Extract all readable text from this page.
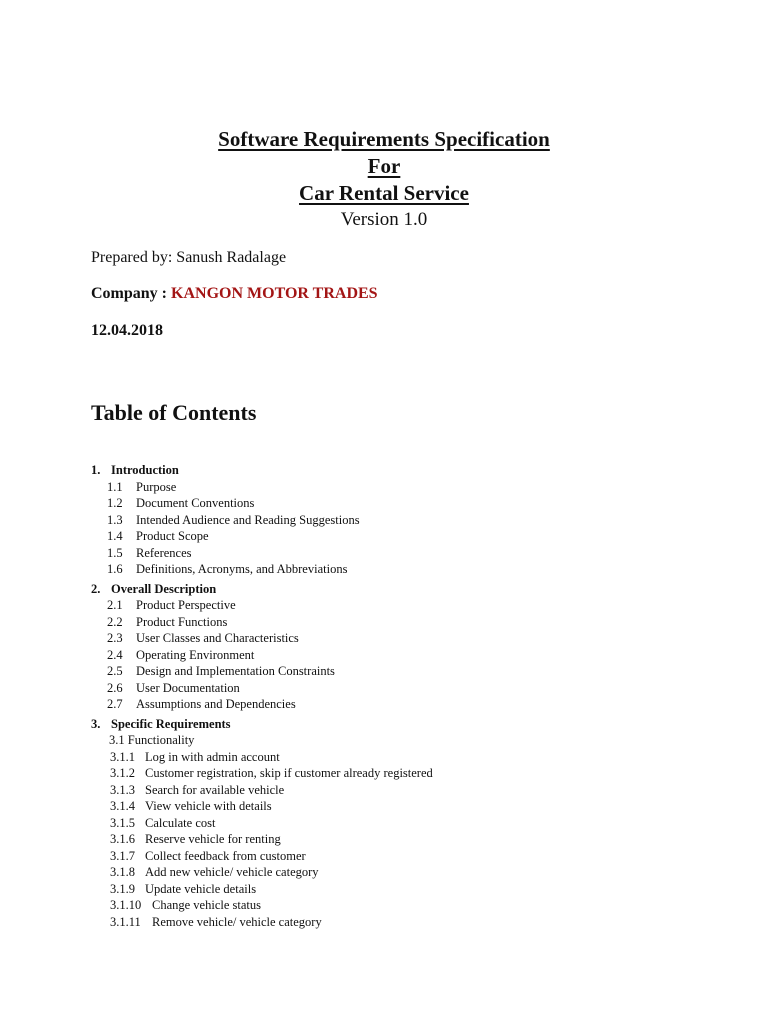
Software Requirements Specification

For

Car Rental Service

Version 1.0

Prepared by: Sanush Radalage
Company : KANGON MOTOR TRADES
12.04.2018
Table of Contents
1. Introduction
1.1 Purpose
1.2 Document Conventions
1.3 Intended Audience and Reading Suggestions
1.4 Product Scope
1.5 References
1.6 Definitions, Acronyms, and Abbreviations
2. Overall Description
2.1 Product Perspective
2.2 Product Functions
2.3 User Classes and Characteristics
2.4 Operating Environment
2.5 Design and Implementation Constraints
2.6 User Documentation
2.7 Assumptions and Dependencies
3. Specific Requirements
3.1 Functionality
3.1.1 Log in with admin account
3.1.2 Customer registration, skip if customer already registered
3.1.3 Search for available vehicle
3.1.4 View vehicle with details
3.1.5 Calculate cost
3.1.6 Reserve vehicle for renting
3.1.7 Collect feedback from customer
3.1.8 Add new vehicle/ vehicle category
3.1.9 Update vehicle details
3.1.10 Change vehicle status
3.1.11 Remove vehicle/ vehicle category
